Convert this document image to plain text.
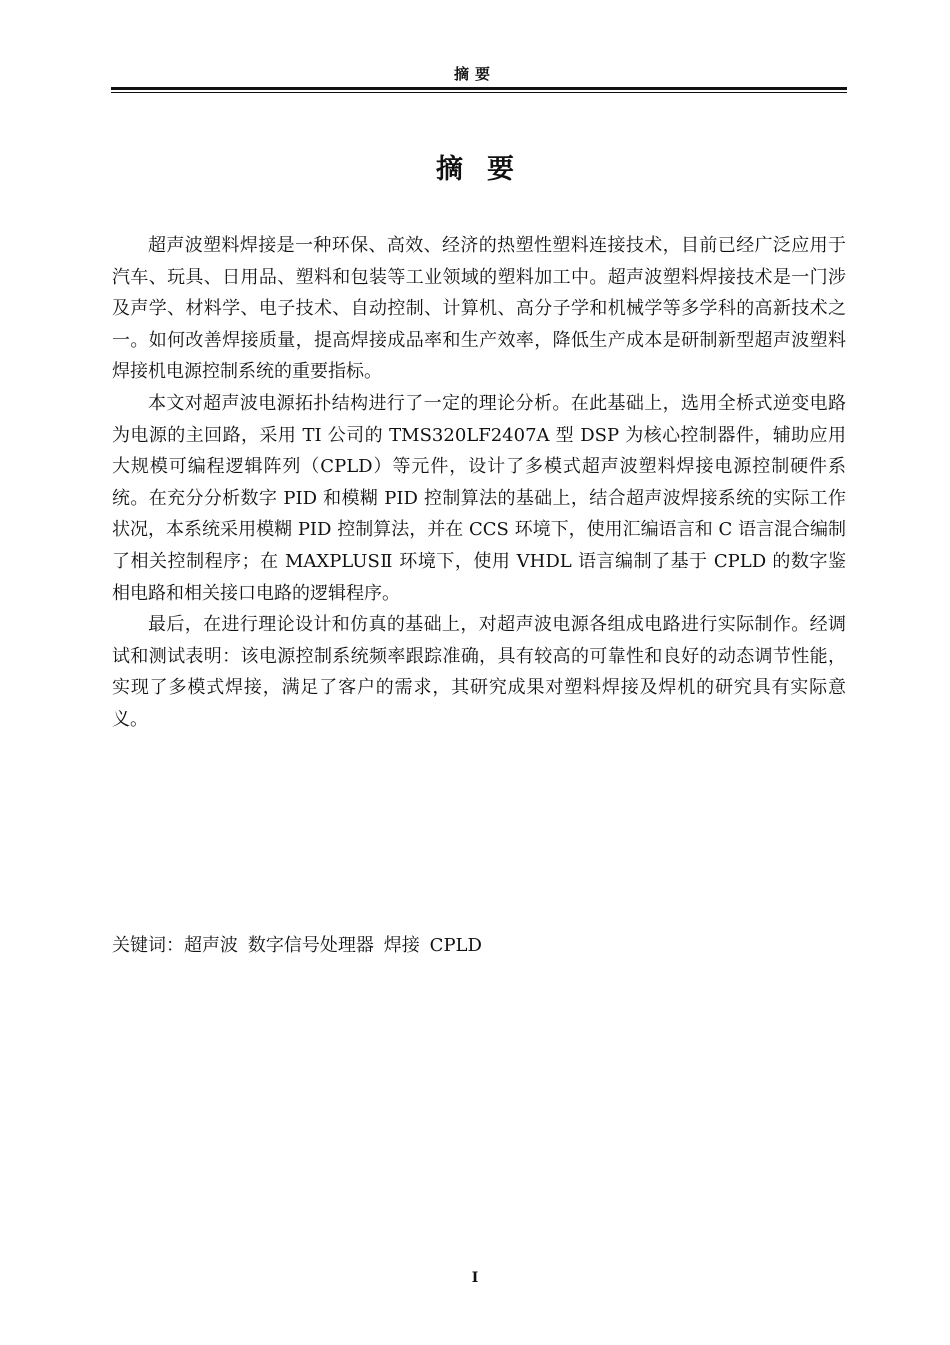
摘要
摘要

超声波塑料焊接是一种环保、高效、经济的热塑性塑料连接技术，目前已经广泛应用于汽车、玩具、日用品、塑料和包装等工业领域的塑料加工中。超声波塑料焊接技术是一门涉及声学、材料学、电子技术、自动控制、计算机、高分子学和机械学等多学科的高新技术之一。如何改善焊接质量，提高焊接成品率和生产效率，降低生产成本是研制新型超声波塑料焊接机电源控制系统的重要指标。

本文对超声波电源拓扑结构进行了一定的理论分析。在此基础上，选用全桥式逆变电路为电源的主回路，采用 TI 公司的 TMS320LF2407A 型 DSP 为核心控制器件，辅助应用大规模可编程逻辑阵列（CPLD）等元件，设计了多模式超声波塑料焊接电源控制硬件系统。在充分分析数字 PID 和模糊 PID 控制算法的基础上，结合超声波焊接系统的实际工作状况，本系统采用模糊 PID 控制算法，并在 CCS 环境下，使用汇编语言和 C 语言混合编制了相关控制程序；在 MAXPLUSⅡ 环境下，使用 VHDL 语言编制了基于 CPLD 的数字鉴相电路和相关接口电路的逻辑程序。

最后，在进行理论设计和仿真的基础上，对超声波电源各组成电路进行实际制作。经调试和测试表明：该电源控制系统频率跟踪准确，具有较高的可靠性和良好的动态调节性能，实现了多模式焊接，满足了客户的需求，其研究成果对塑料焊接及焊机的研究具有实际意义。

关键词：超声波 数字信号处理器 焊接 CPLD
I
